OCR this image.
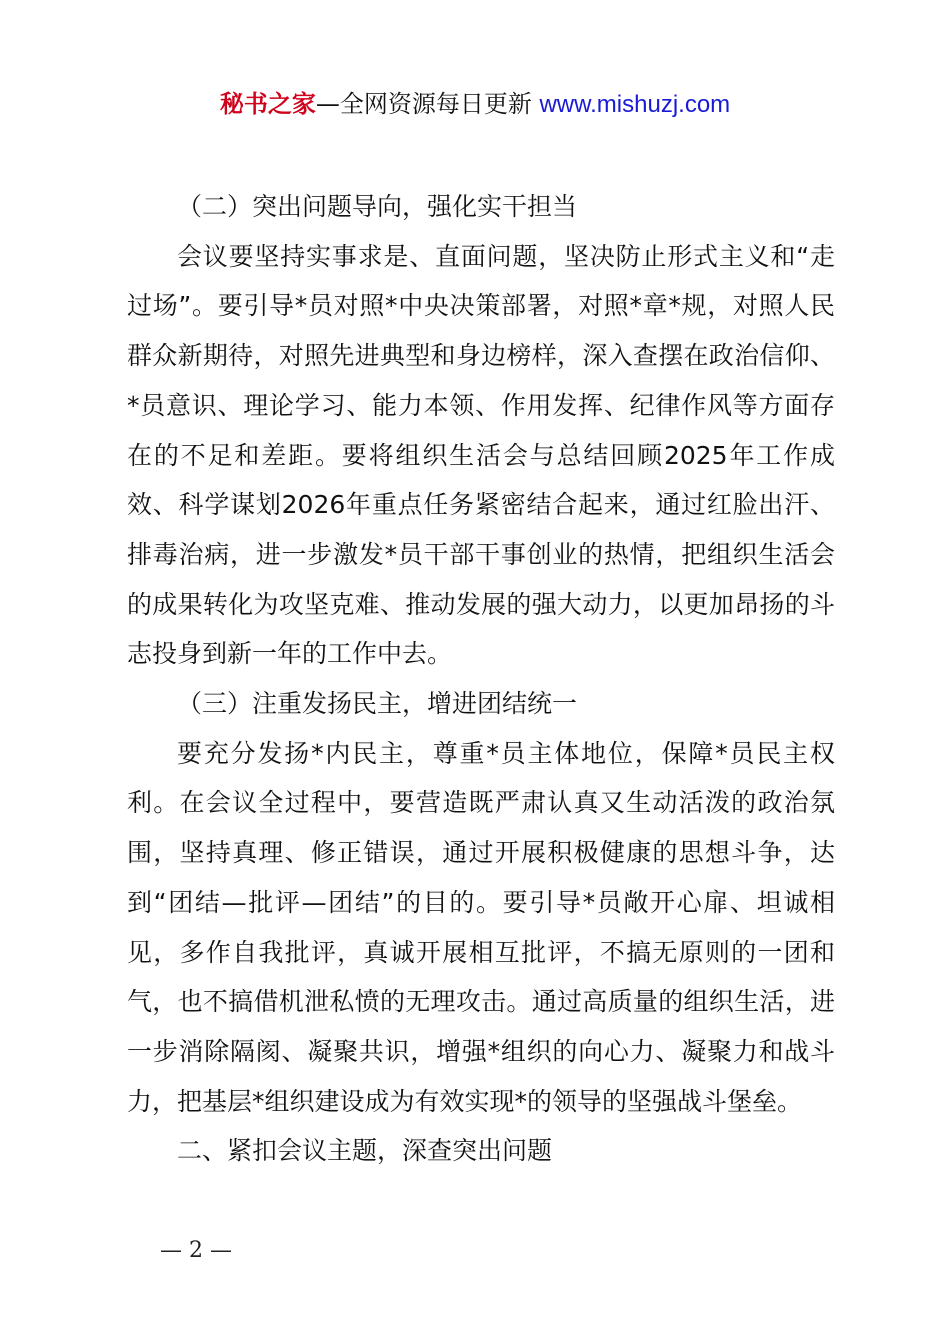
秘书之家—全网资源每日更新 www.mishuzj.com

（二）突出问题导向，强化实干担当

会议要坚持实事求是、直面问题，坚决防止形式主义和“走过场”。要引导*员对照*中央决策部署，对照*章*规，对照人民群众新期待，对照先进典型和身边榜样，深入查摆在政治信仰、*员意识、理论学习、能力本领、作用发挥、纪律作风等方面存在的不足和差距。要将组织生活会与总结回顾2025年工作成效、科学谋划2026年重点任务紧密结合起来，通过红脸出汗、排毒治病，进一步激发*员干部干事创业的热情，把组织生活会的成果转化为攻坚克难、推动发展的强大动力，以更加昂扬的斗志投身到新一年的工作中去。

（三）注重发扬民主，增进团结统一

要充分发扬*内民主，尊重*员主体地位，保障*员民主权利。在会议全过程中，要营造既严肃认真又生动活泼的政治氛围，坚持真理、修正错误，通过开展积极健康的思想斗争，达到“团结—批评—团结”的目的。要引导*员敞开心扉、坦诚相见，多作自我批评，真诚开展相互批评，不搞无原则的一团和气，也不搞借机泄私愤的无理攻击。通过高质量的组织生活，进一步消除隔阂、凝聚共识，增强*组织的向心力、凝聚力和战斗力，把基层*组织建设成为有效实现*的领导的坚强战斗堡垒。

二、紧扣会议主题，深查突出问题

— 2 —
